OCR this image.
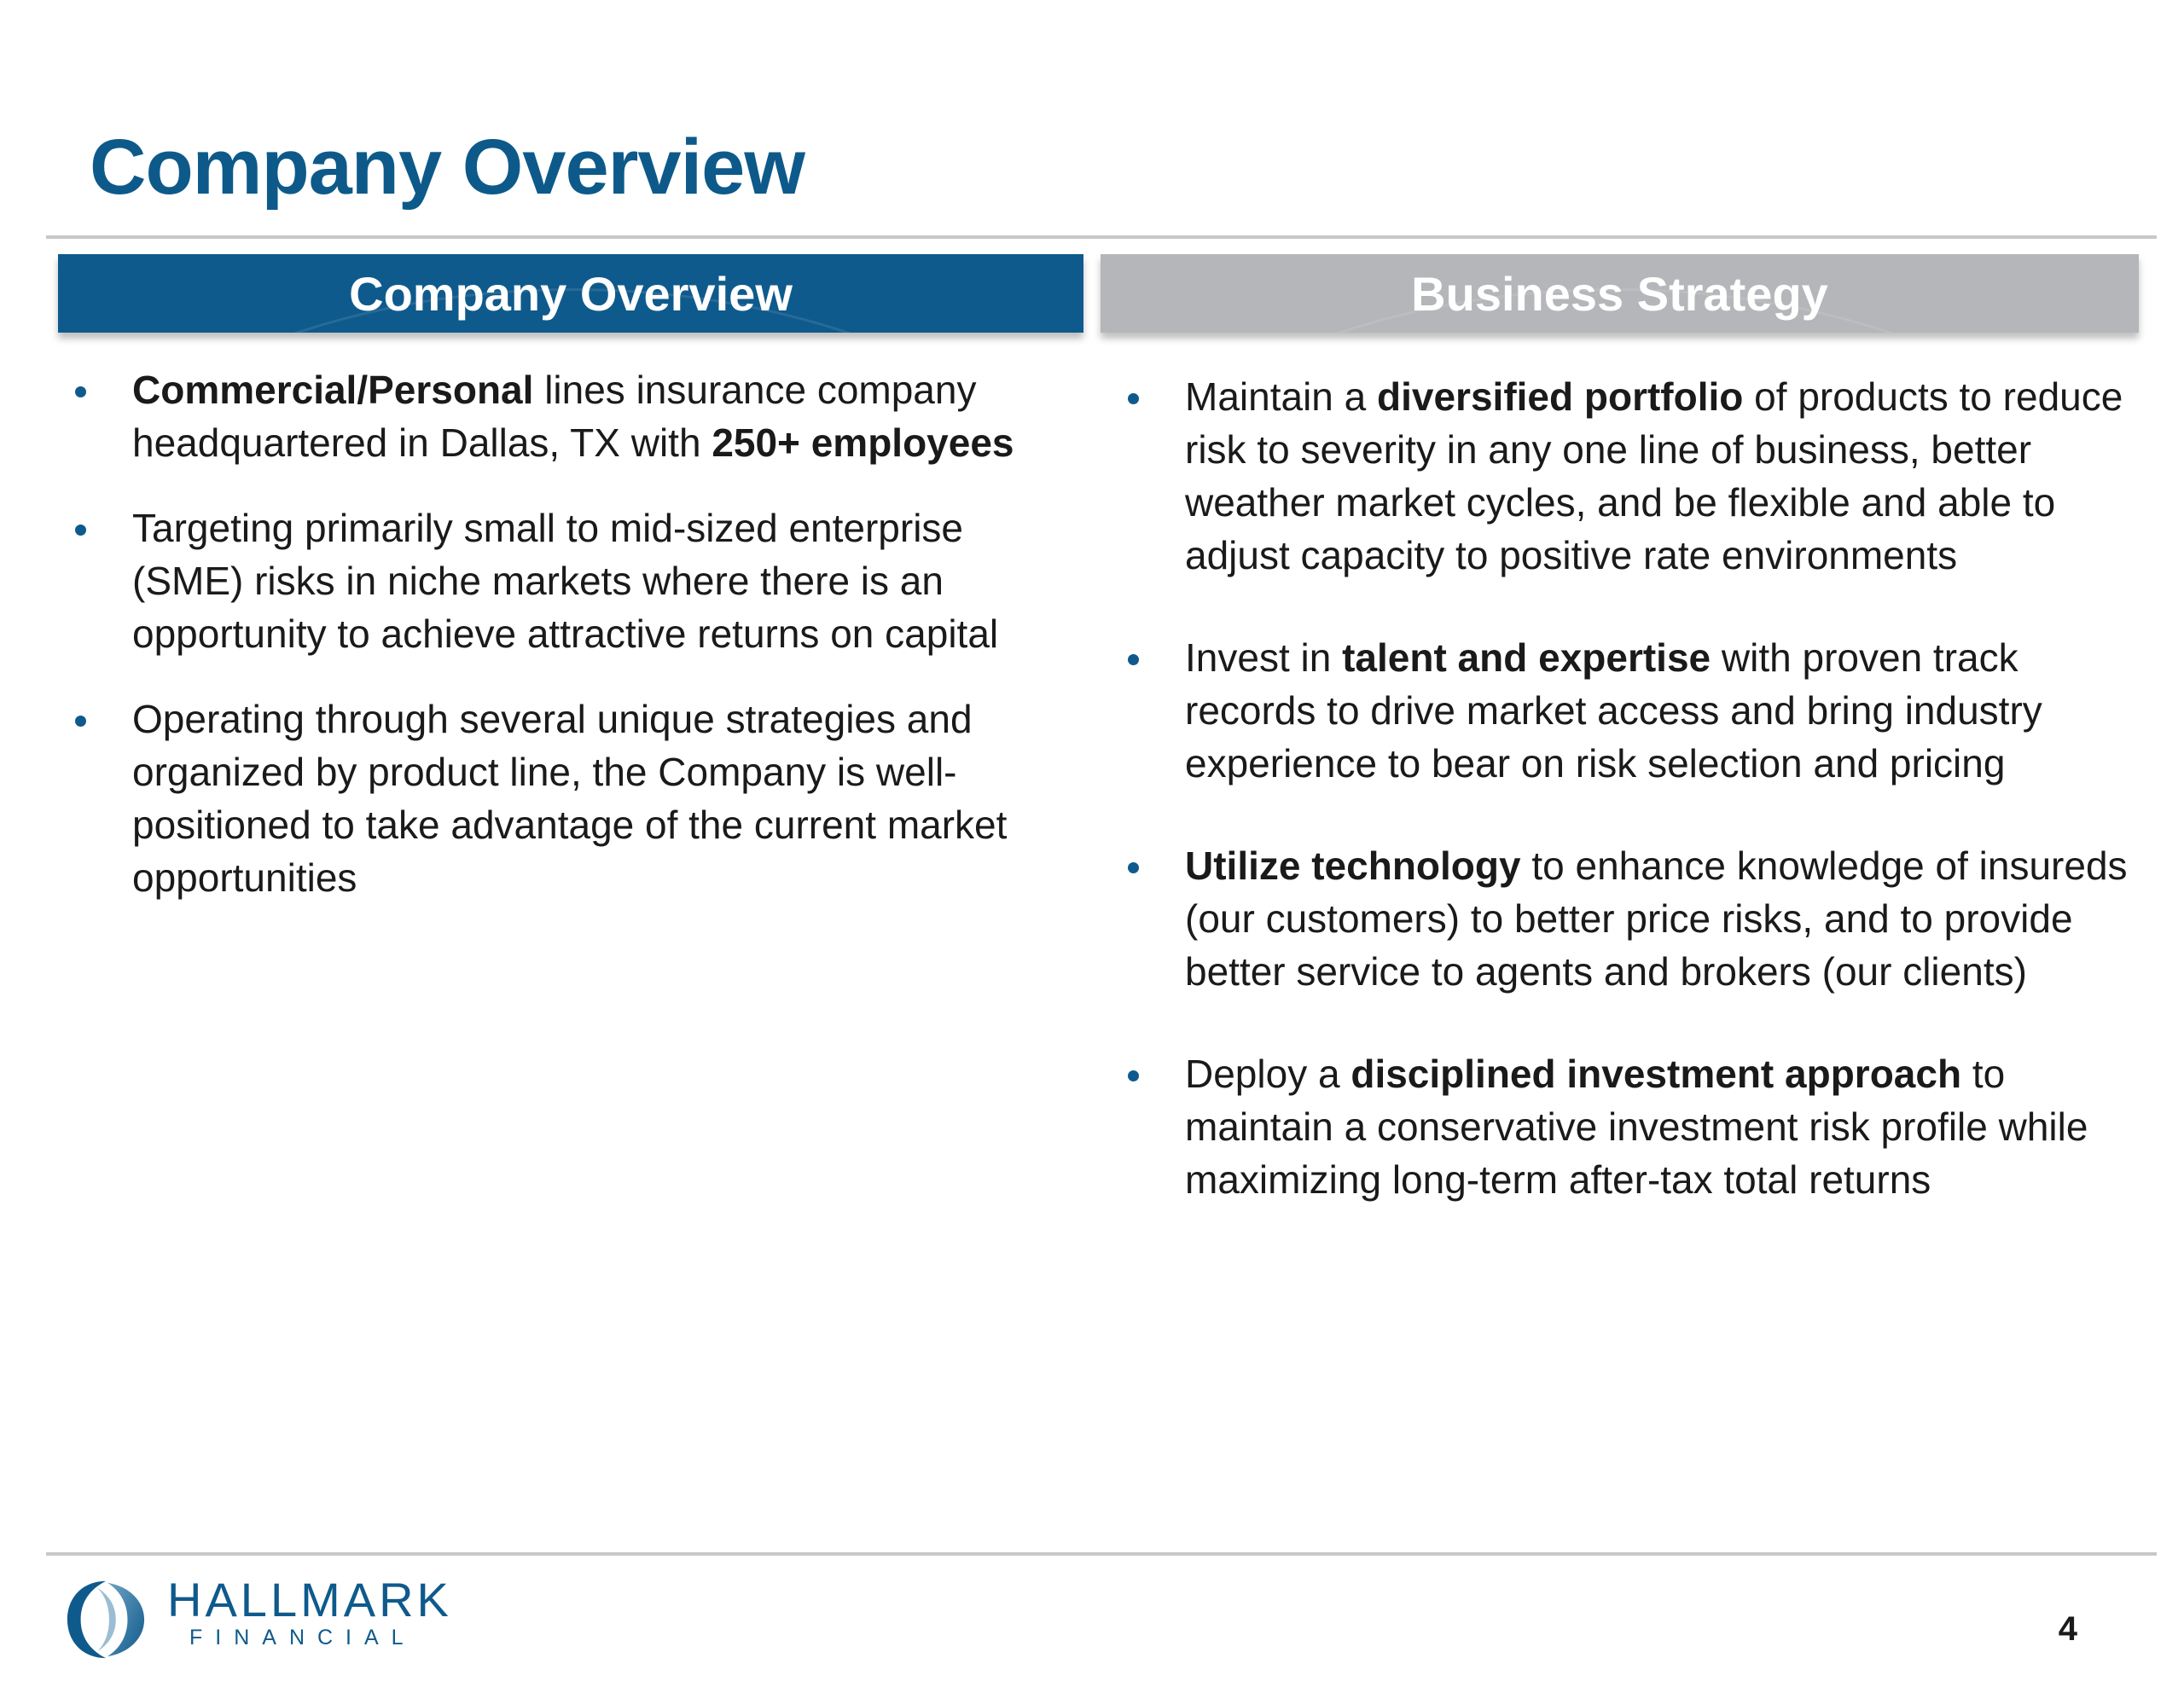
Company Overview
Company Overview	Business Strategy
Commercial/Personal lines insurance company headquartered in Dallas, TX with 250+ employees
Targeting primarily small to mid-sized enterprise (SME) risks in niche markets where there is an opportunity to achieve attractive returns on capital
Operating through several unique strategies and organized by product line, the Company is well-positioned to take advantage of the current market opportunities
Maintain a diversified portfolio of products to reduce risk to severity in any one line of business, better weather market cycles, and be flexible and able to adjust capacity to positive rate environments
Invest in talent and expertise with proven track records to drive market access and bring industry experience to bear on risk selection and pricing
Utilize technology to enhance knowledge of insureds (our customers) to better price risks, and to provide better service to agents and brokers (our clients)
Deploy a disciplined investment approach to maintain a conservative investment risk profile while maximizing long-term after-tax total returns
HALLMARK
FINANCIAL	4
